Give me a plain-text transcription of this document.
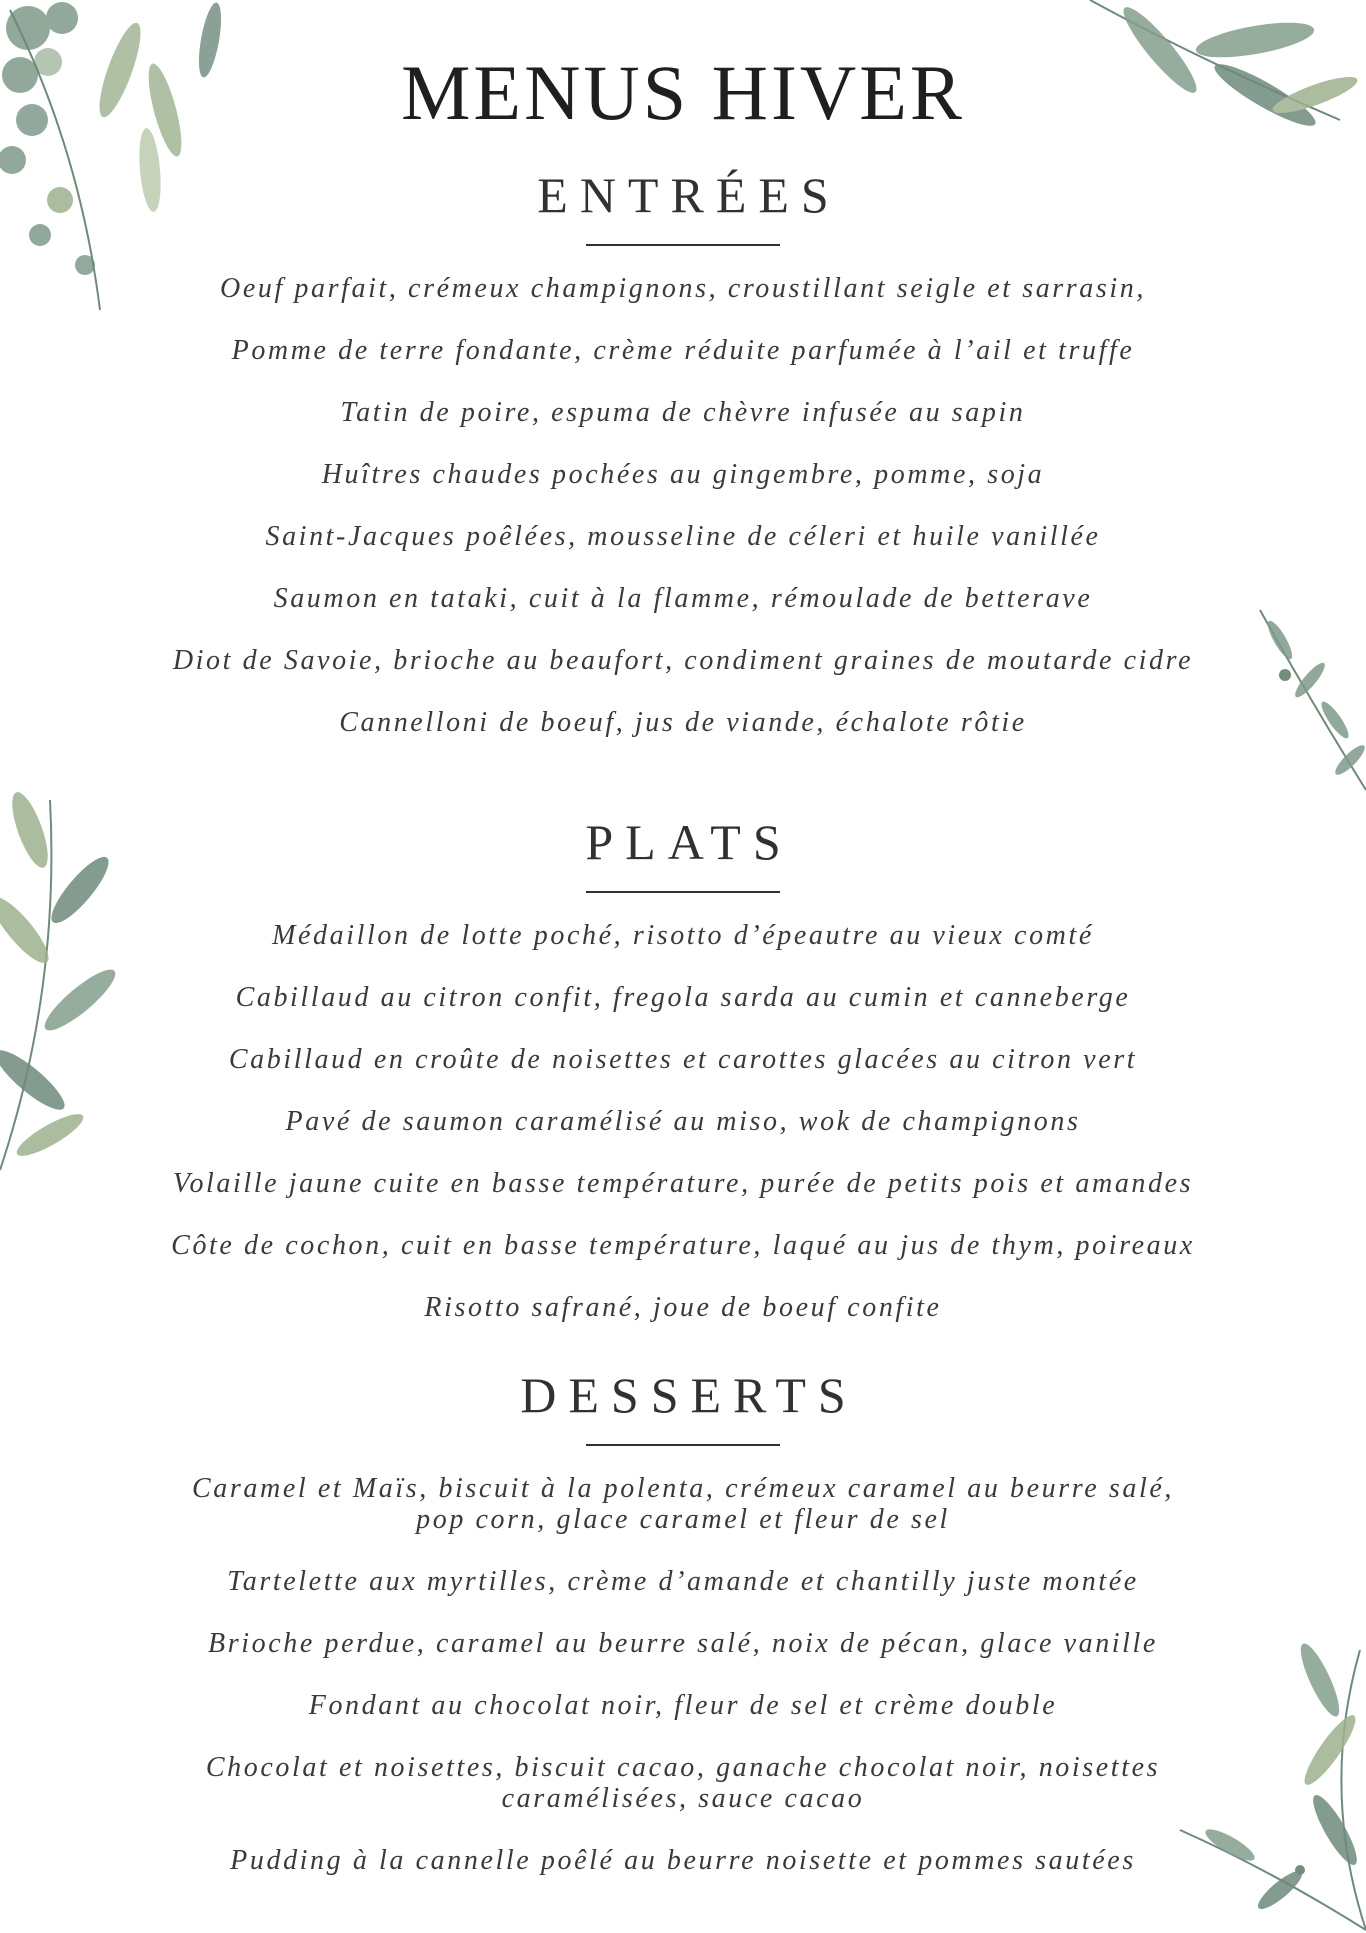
MENUS HIVER
ENTRÉES

Oeuf parfait, crémeux champignons, croustillant seigle et sarrasin,

Pomme de terre fondante, crème réduite parfumée à l’ail et truffe

Tatin de poire, espuma de chèvre infusée au sapin

Huîtres chaudes pochées au gingembre, pomme, soja

Saint-Jacques poêlées, mousseline de céleri et huile vanillée

Saumon en tataki, cuit à la flamme, rémoulade de betterave

Diot de Savoie, brioche au beaufort, condiment graines de moutarde cidre

Cannelloni de boeuf, jus de viande, échalote rôtie

PLATS

Médaillon de lotte poché, risotto d’épeautre au vieux comté

Cabillaud au citron confit, fregola sarda au cumin et canneberge

Cabillaud en croûte de noisettes et carottes glacées au citron vert

Pavé de saumon caramélisé au miso, wok de champignons

Volaille jaune cuite en basse température, purée de petits pois et amandes

Côte de cochon, cuit en basse température, laqué au jus de thym, poireaux

Risotto safrané, joue de boeuf confite

DESSERTS

Caramel et Maïs, biscuit à la polenta, crémeux caramel au beurre salé,

pop corn, glace caramel et fleur de sel

Tartelette aux myrtilles, crème d’amande et chantilly juste montée

Brioche perdue, caramel au beurre salé, noix de pécan, glace vanille

Fondant au chocolat noir, fleur de sel et crème double

Chocolat et noisettes, biscuit cacao, ganache chocolat noir, noisettes

caramélisées, sauce cacao

Pudding à la cannelle poêlé au beurre noisette et pommes sautées
